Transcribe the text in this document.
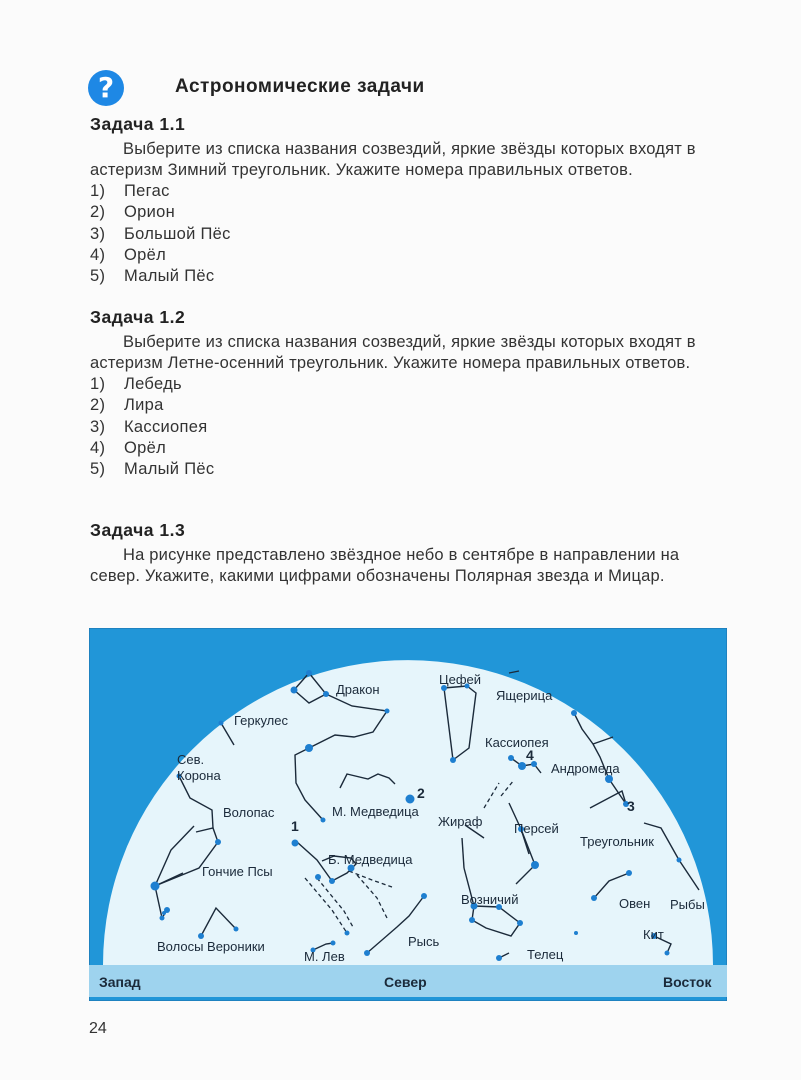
?	Астрономические задачи
Задача 1.1

Выберите из списка названия созвездий, яркие звёзды которых входят в астеризм Зимний треугольник. Укажите номера правильных ответов.

1) Пегас
2) Орион
3) Большой Пёс
4) Орёл
5) Малый Пёс
Задача 1.2

Выберите из списка названия созвездий, яркие звёзды которых входят в астеризм Летне-осенний треугольник. Укажите номера правильных ответов.

1) Лебедь
2) Лира
3) Кассиопея
4) Орёл
5) Малый Пёс
Задача 1.3

На рисунке представлено звёздное небо в сентябре в направлении на север. Укажите, какими цифрами обозначены Полярная звезда и Мицар.

Дракон
Цефей
Ящерица
Геркулес
Кассиопея
Сев.
Корона	Андромеда
М. Медведица
Волопас
Жираф Персей
Треугольник
Гончие Псы
Б. Медведица
Возничий	Овен Рыбы
Волосы Вероники	Рысь	Кит
М. Лев	Телец
1
2
3
4
Запад	Север	Восток
24
